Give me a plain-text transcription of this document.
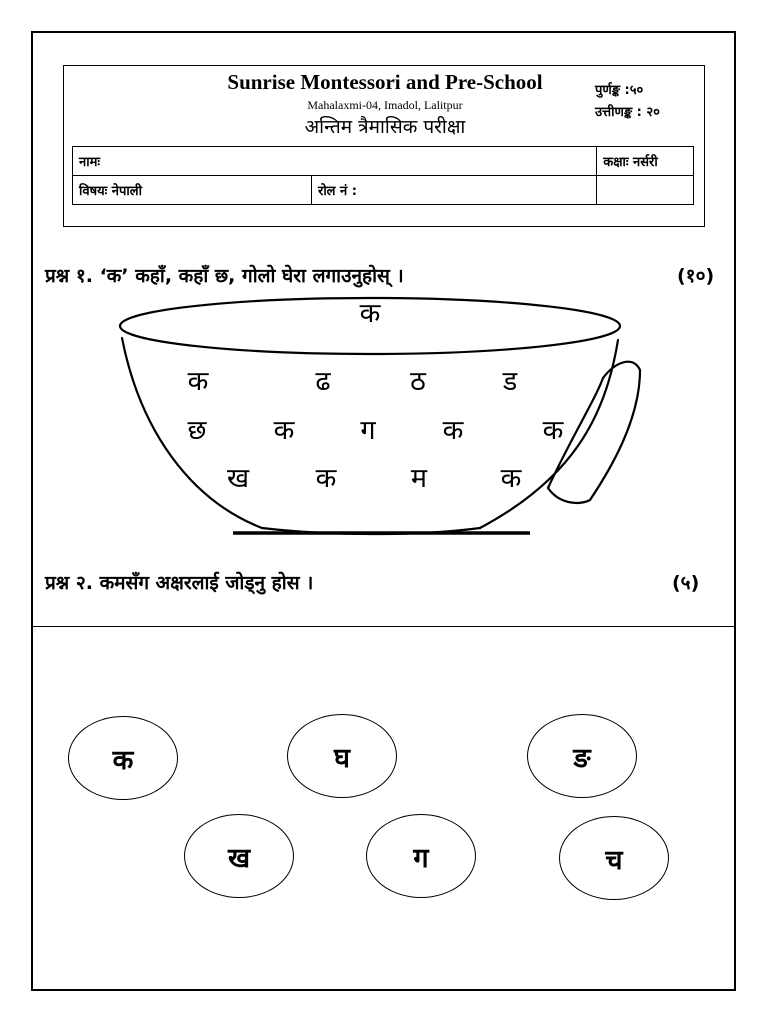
Sunrise Montessori and Pre-School
Mahalaxmi-04, Imadol, Lalitpur
अन्तिम त्रैमासिक परीक्षा
पुर्णङ्क :५०
उत्तीणङ्क : २०
नामः		कक्षाः नर्सरी
विषयः नेपाली	रोल नं :	
प्रश्न १. ‘क’ कहाँ, कहाँ छ, गोलो घेरा लगाउनुहोस् ।	(१०)
क
क	ढ	ठ	ड
छ	क	ग	क	क
ख	क	म	क
प्रश्न २. कमसँग अक्षरलाई जोड्नु होस ।	(५)
क	घ	ङ
ख	ग	च
